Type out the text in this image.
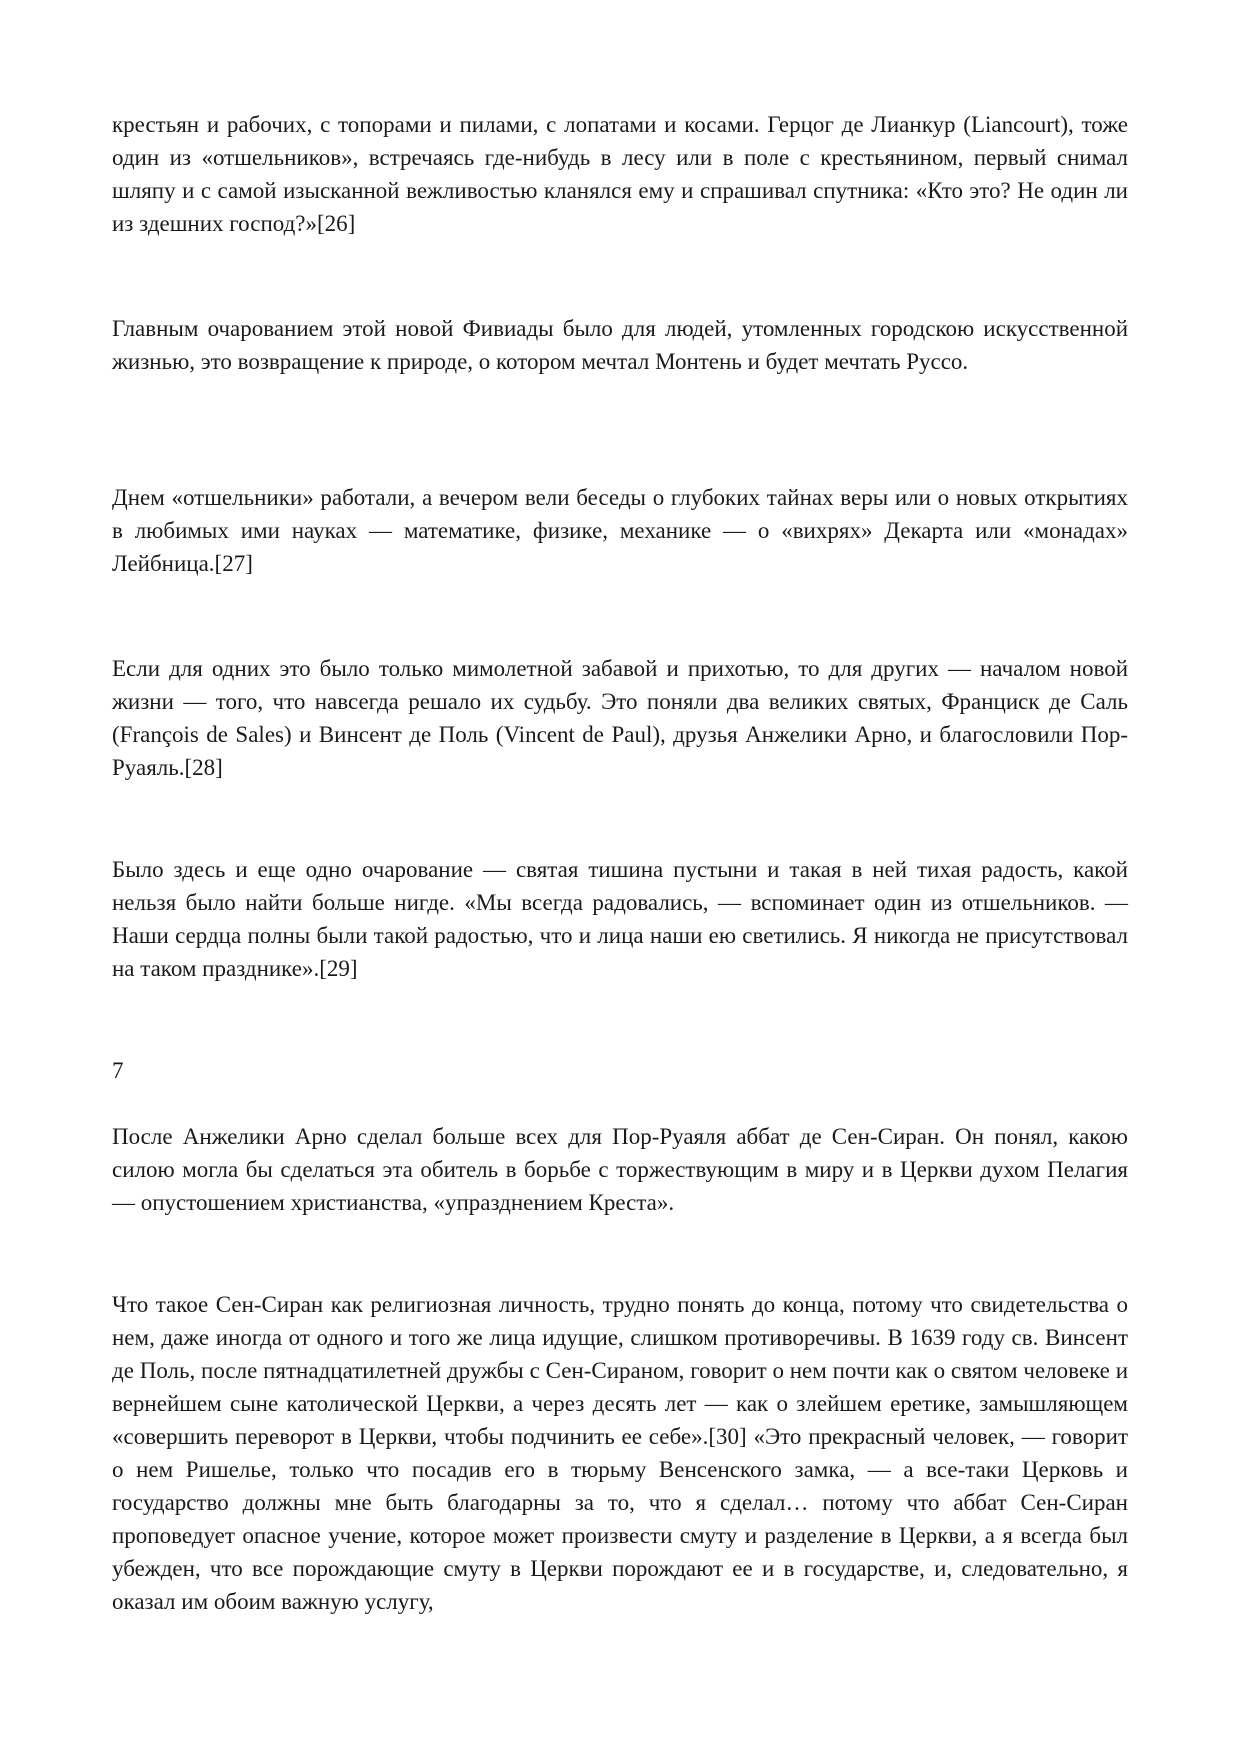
крестьян и рабочих, с топорами и пилами, с лопатами и косами. Герцог де Лианкур (Liancourt), тоже один из «отшельников», встречаясь где-нибудь в лесу или в поле с крестьянином, первый снимал шляпу и с самой изысканной вежливостью кланялся ему и спрашивал спутника: «Кто это? Не один ли из здешних господ?»[26]

Главным очарованием этой новой Фивиады было для людей, утомленных городскою искусственной жизнью, это возвращение к природе, о котором мечтал Монтень и будет мечтать Руссо.

Днем «отшельники» работали, а вечером вели беседы о глубоких тайнах веры или о новых открытиях в любимых ими науках — математике, физике, механике — о «вихрях» Декарта или «монадах» Лейбница.[27]

Если для одних это было только мимолетной забавой и прихотью, то для других — началом новой жизни — того, что навсегда решало их судьбу. Это поняли два великих святых, Франциск де Саль (François de Sales) и Винсент де Поль (Vincent de Paul), друзья Анжелики Арно, и благословили Пор-Руаяль.[28]

Было здесь и еще одно очарование — святая тишина пустыни и такая в ней тихая радость, какой нельзя было найти больше нигде. «Мы всегда радовались, — вспоминает один из отшельников. — Наши сердца полны были такой радостью, что и лица наши ею светились. Я никогда не присутствовал на таком празднике».[29]

7

После Анжелики Арно сделал больше всех для Пор-Руаяля аббат де Сен-Сиран. Он понял, какою силою могла бы сделаться эта обитель в борьбе с торжествующим в миру и в Церкви духом Пелагия — опустошением христианства, «упразднением Креста».

Что такое Сен-Сиран как религиозная личность, трудно понять до конца, потому что свидетельства о нем, даже иногда от одного и того же лица идущие, слишком противоречивы. В 1639 году св. Винсент де Поль, после пятнадцатилетней дружбы с Сен-Сираном, говорит о нем почти как о святом человеке и вернейшем сыне католической Церкви, а через десять лет — как о злейшем еретике, замышляющем «совершить переворот в Церкви, чтобы подчинить ее себе».[30] «Это прекрасный человек, — говорит о нем Ришелье, только что посадив его в тюрьму Венсенского замка, — а все-таки Церковь и государство должны мне быть благодарны за то, что я сделал… потому что аббат Сен-Сиран проповедует опасное учение, которое может произвести смуту и разделение в Церкви, а я всегда был убежден, что все порождающие смуту в Церкви порождают ее и в государстве, и, следовательно, я оказал им обоим важную услугу,
